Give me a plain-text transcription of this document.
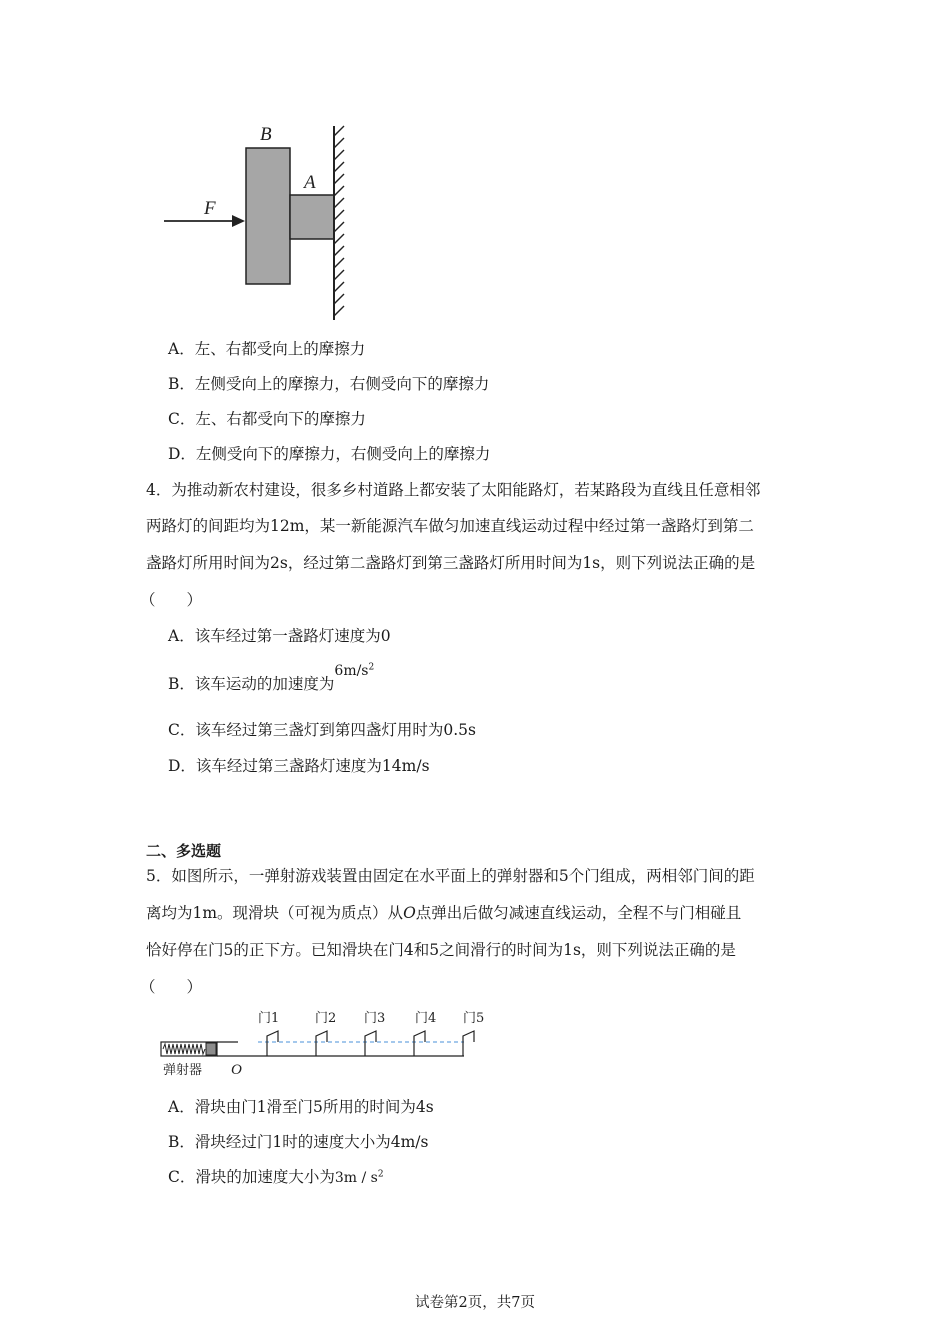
B
A
F
A．左、右都受向上的摩擦力
B．左侧受向上的摩擦力，右侧受向下的摩擦力
C．左、右都受向下的摩擦力
D．左侧受向下的摩擦力，右侧受向上的摩擦力
4．为推动新农村建设，很多乡村道路上都安装了太阳能路灯，若某路段为直线且任意相邻
两路灯的间距均为12m，某一新能源汽车做匀加速直线运动过程中经过第一盏路灯到第二
盏路灯所用时间为2s，经过第二盏路灯到第三盏路灯所用时间为1s，则下列说法正确的是
（　　）
A．该车经过第一盏路灯速度为0
B．该车运动的加速度为$6m/s^2$
C．该车经过第三盏灯到第四盏灯用时为0.5s
D．该车经过第三盏路灯速度为14m/s
二、多选题
5．如图所示，一弹射游戏装置由固定在水平面上的弹射器和5个门组成，两相邻门间的距
离均为1m。现滑块（可视为质点）从O点弹出后做匀减速直线运动，全程不与门相碰且
恰好停在门5的正下方。已知滑块在门4和5之间滑行的时间为1s，则下列说法正确的是
（　　）
门1	门2 门3 门4 门5
弹射器 O
A．滑块由门1滑至门5所用的时间为4s
B．滑块经过门1时的速度大小为4m/s
C．滑块的加速度大小为$3m / s^2$
试卷第2页，共7页
